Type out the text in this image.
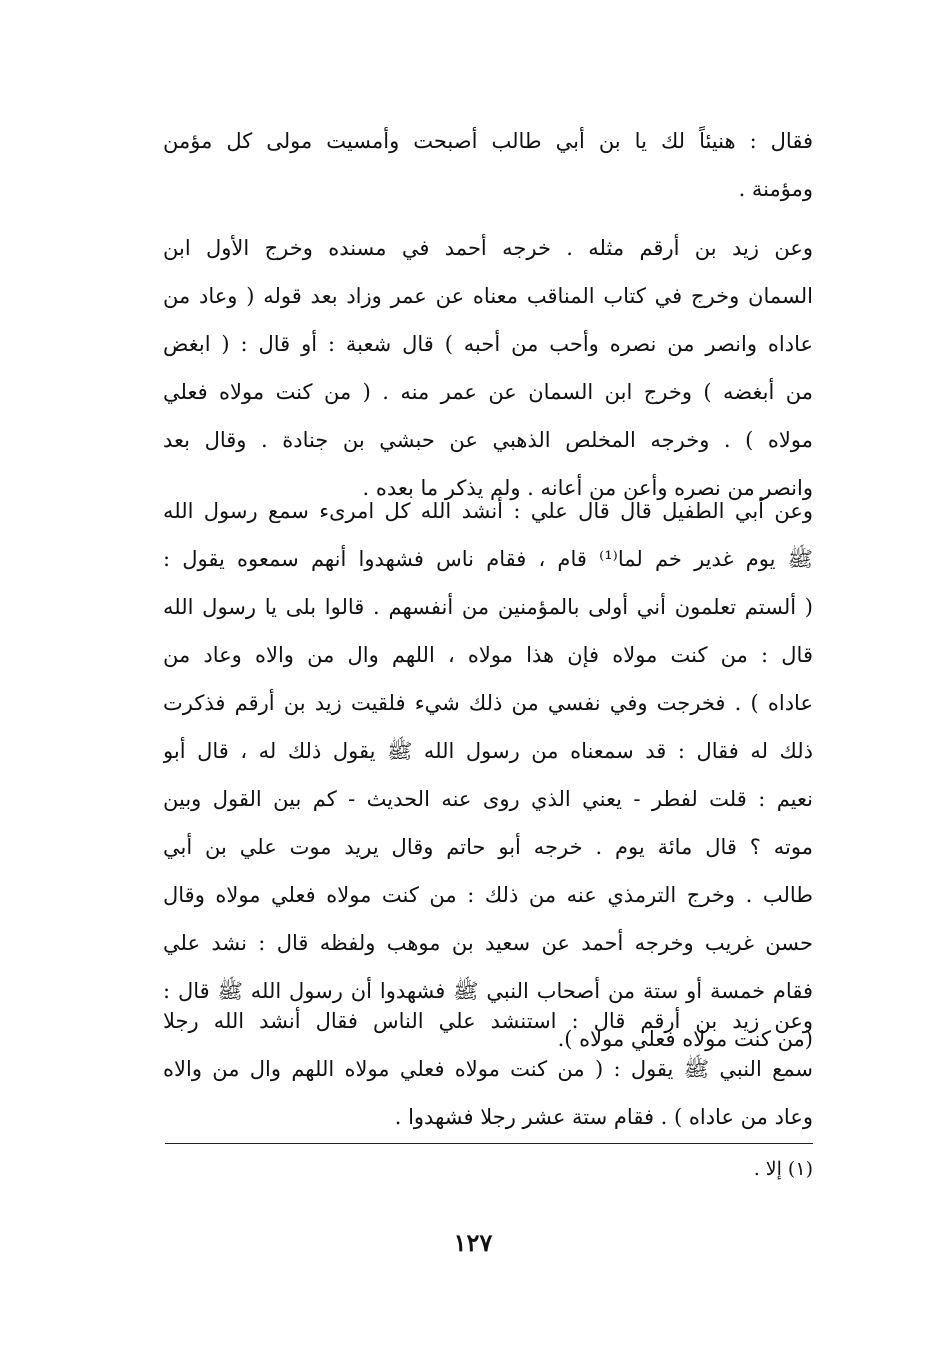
فقال : هنيئاً لك يا بن أبي طالب أصبحت وأمسيت مولى كل مؤمن
ومؤمنة .
وعن زيد بن أرقم مثله . خرجه أحمد في مسنده وخرج الأول ابن
السمان وخرج في كتاب المناقب معناه عن عمر وزاد بعد قوله ( وعاد من
عاداه وانصر من نصره وأحب من أحبه ) قال شعبة : أو قال : ( ابغض
من أبغضه ) وخرج ابن السمان عن عمر منه . ( من كنت مولاه فعلي
مولاه ) . وخرجه المخلص الذهبي عن حبشي بن جنادة . وقال بعد
وانصر من نصره وأعن من أعانه . ولم يذكر ما بعده .
وعن أبي الطفيل قال قال علي : أنشد الله كل امرىء سمع رسول الله
ﷺ يوم غدير خم لما⁽¹⁾ قام ، فقام ناس فشهدوا أنهم سمعوه يقول :
( ألستم تعلمون أني أولى بالمؤمنين من أنفسهم . قالوا بلى يا رسول الله
قال : من كنت مولاه فإن هذا مولاه ، اللهم وال من والاه وعاد من
عاداه ) . فخرجت وفي نفسي من ذلك شيء فلقيت زيد بن أرقم فذكرت
ذلك له فقال : قد سمعناه من رسول الله ﷺ يقول ذلك له ، قال أبو
نعيم : قلت لفطر - يعني الذي روى عنه الحديث - كم بين القول وبين
موته ؟ قال مائة يوم . خرجه أبو حاتم وقال يريد موت علي بن أبي
طالب . وخرج الترمذي عنه من ذلك : من كنت مولاه فعلي مولاه وقال
حسن غريب وخرجه أحمد عن سعيد بن موهب ولفظه قال : نشد علي
فقام خمسة أو ستة من أصحاب النبي ﷺ فشهدوا أن رسول الله ﷺ قال :
(من كنت مولاه فعلي مولاه ).
وعن زيد بن أرقم قال : استنشد علي الناس فقال أنشد الله رجلا
سمع النبي ﷺ يقول : ( من كنت مولاه فعلي مولاه اللهم وال من والاه
وعاد من عاداه ) . فقام ستة عشر رجلا فشهدوا .
(١) إلا .
١٢٧
